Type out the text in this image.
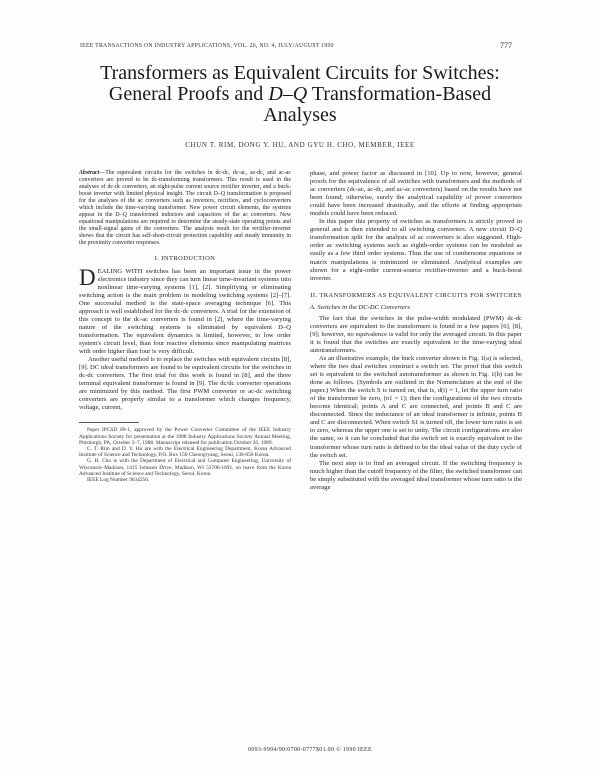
IEEE TRANSACTIONS ON INDUSTRY APPLICATIONS, VOL. 26, NO. 4, JULY/AUGUST 1990	777
Transformers as Equivalent Circuits for Switches:
General Proofs and D–Q Transformation-Based
Analyses
CHUN T. RIM, DONG Y. HU, AND GYU H. CHO, MEMBER, IEEE

Abstract—The equivalent circuits for the switches in dc-dc, dc-ac, ac-dc, and ac-ac converters are proved to be dc-transforming transformers. This result is used in the analyses of dc-dc converters, an eight-pulse current source rectifier inverter, and a buck-boost inverter with limited physical insight. The circuit D–Q transformation is proposed for the analyses of the ac converters such as inverters, rectifiers, and cycloconverters which include the time-varying transformer. New power circuit elements, the systems appear in the D–Q transformed inductors and capacitors of the ac converters. New equational manipulations are required to determine the steady-state operating points and the small-signal gains of the converters. The analysis result for the rectifier-inverter shows that the circuit has self-short-circuit protection capability and steady immunity in the proximity converter responses.

I. INTRODUCTION

DEALING WITH switches has been an important issue in the power electronics industry since they can turn linear time-invariant systems into nonlinear time-varying systems [1], [2]. Simplifying or eliminating switching action is the main problem in modeling switching systems [2]–[7]. One successful method is the state-space averaging technique [6]. This approach is well established for the dc-dc converters. A trial for the extension of this concept to the dc-ac converters is found in [2], where the time-varying nature of the switching systems is eliminated by equivalent D–Q transformation. The equivalent dynamics is limited, however, to low order system's circuit level, than four reactive elements since manipulating matrices with order higher than four is very difficult.

Another useful method is to replace the switches with equivalent circuits [8], [9]. DC ideal transformers are found to be equivalent circuits for the switches in dc-dc converters. The first trial for this work is found in [8], and the three terminal equivalent transformer is found in [9]. The dc/dc converter operations are minimized by this method. The first PWM converter or ac-dc switching converters are properly similar to a transformer which changes frequency, voltage, current,

Paper IPCSD 89-1, approved by the Power Converter Committee of the IEEE Industry Applications Society for presentation at the 1988 Industry Applications Society Annual Meeting, Pittsburgh, PA, October 2–7, 1988. Manuscript released for publication October 26, 1989.

C. T. Rim and D. Y. Hu are with the Electrical Engineering Department, Korea Advanced Institute of Science and Technology, P.O. Box 150 Cheongryang, Seoul, 130-650 Korea.

G. H. Cho is with the Department of Electrical and Computer Engineering, University of Wisconsin–Madison, 1415 Johnson Drive, Madison, WI 53706-1691, on leave from the Korea Advanced Institute of Science and Technology, Seoul, Korea.

IEEE Log Number 9034256.

phase, and power factor as discussed in [10]. Up to now, however, general proofs for the equivalence of all switches with transformers and the methods of ac converters (dc-ac, ac-dc, and ac-ac converters) based on the results have not been found; otherwise, surely the analytical capability of power converters could have been increased drastically, and the efforts at finding appropriate models could have been reduced.

In this paper this property of switches as transformers is strictly proved in general and is then extended to all switching converters. A new circuit D–Q transformation split for the analysis of ac converters is also suggested. High-order ac switching systems such as eighth-order systems can be modeled as easily as a few third order systems. Thus the use of cumbersome equations or matrix manipulations is minimized or eliminated. Analytical examples are shown for a eight-order current-source rectifier-inverter and a buck-boost inverter.

II. TRANSFORMERS AS EQUIVALENT CIRCUITS FOR SWITCHES
A. Switches in the DC-DC Converters

The fact that the switches in the pulse-width modulated (PWM) dc-dc converters are equivalent to the transformers is found in a few papers [6], [8], [9]; however, no equivalence is valid for only the averaged circuit. In this paper it is found that the switches are exactly equivalent to the time-varying ideal autotransformers.

As an illustrative example, the buck converter shown in Fig. 1(a) is selected, where the two dual switches construct a switch set. The proof that this switch set is equivalent to the switched autotransformer as shown in Fig. 1(b) can be done as follows. (Symbols are outlined in the Nomenclature at the end of the paper.) When the switch S is turned on, that is, d(t) = 1, let the upper turn ratio of the transformer be zero, (n1 = 1); then the configurations of the two circuits become identical; points A and C are connected, and points B and C are disconnected. Since the inductance of an ideal transformer is infinite, points B and C are disconnected. When switch S1 is turned off, the lower turn ratio is set to zero, whereas the upper one is set to unity. The circuit configurations are also the same, so it can be concluded that the switch set is exactly equivalent to the transformer whose turn ratio is defined to be the ideal value of the duty cycle of the switch set.

The next step is to find an averaged circuit. If the switching frequency is much higher than the cutoff frequency of the filter, the switched transformer can be simply substituted with the averaged ideal transformer whose turn ratio is the average

0093-9994/90/0700-0777$01.00 © 1990 IEEE
